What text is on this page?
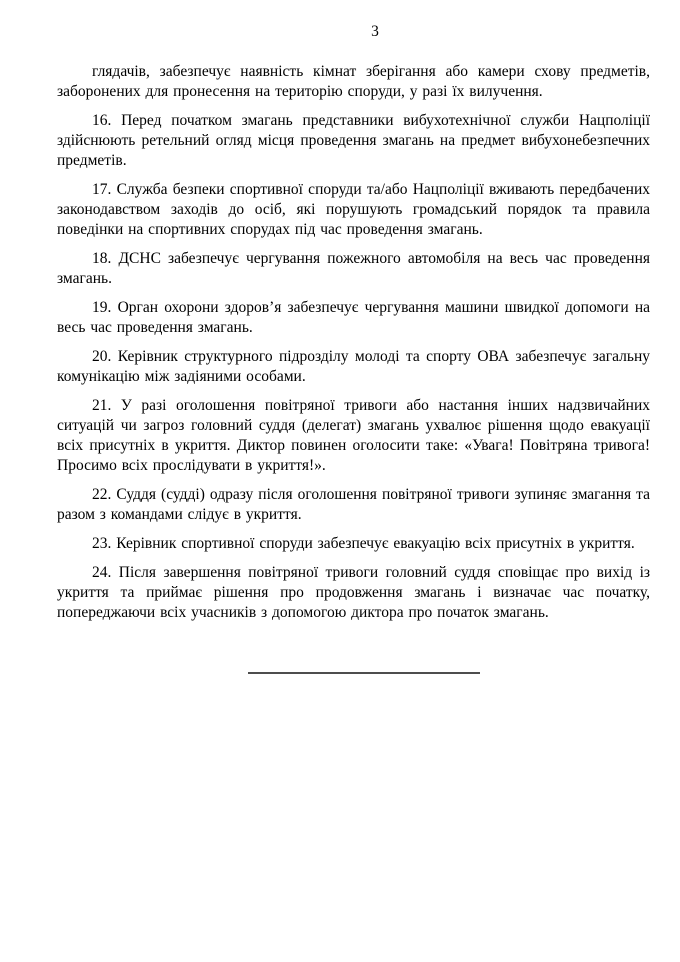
3

глядачів, забезпечує наявність кімнат зберігання або камери схову предметів, заборонених для пронесення на територію споруди, у разі їх вилучення.

16. Перед початком змагань представники вибухотехнічної служби Нацполіції здійснюють ретельний огляд місця проведення змагань на предмет вибухонебезпечних предметів.

17. Служба безпеки спортивної споруди та/або Нацполіції вживають передбачених законодавством заходів до осіб, які порушують громадський порядок та правила поведінки на спортивних спорудах під час проведення змагань.

18. ДСНС забезпечує чергування пожежного автомобіля на весь час проведення змагань.

19. Орган охорони здоров’я забезпечує чергування машини швидкої допомоги на весь час проведення змагань.

20. Керівник структурного підрозділу молоді та спорту ОВА забезпечує загальну комунікацію між задіяними особами.

21. У разі оголошення повітряної тривоги або настання інших надзвичайних ситуацій чи загроз головний суддя (делегат) змагань ухвалює рішення щодо евакуації всіх присутніх в укриття. Диктор повинен оголосити таке: «Увага! Повітряна тривога! Просимо всіх прослідувати в укриття!».

22. Суддя (судді) одразу після оголошення повітряної тривоги зупиняє змагання та разом з командами слідує в укриття.

23. Керівник спортивної споруди забезпечує евакуацію всіх присутніх в укриття.

24. Після завершення повітряної тривоги головний суддя сповіщає про вихід із укриття та приймає рішення про продовження змагань і визначає час початку, попереджаючи всіх учасників з допомогою диктора про початок змагань.
